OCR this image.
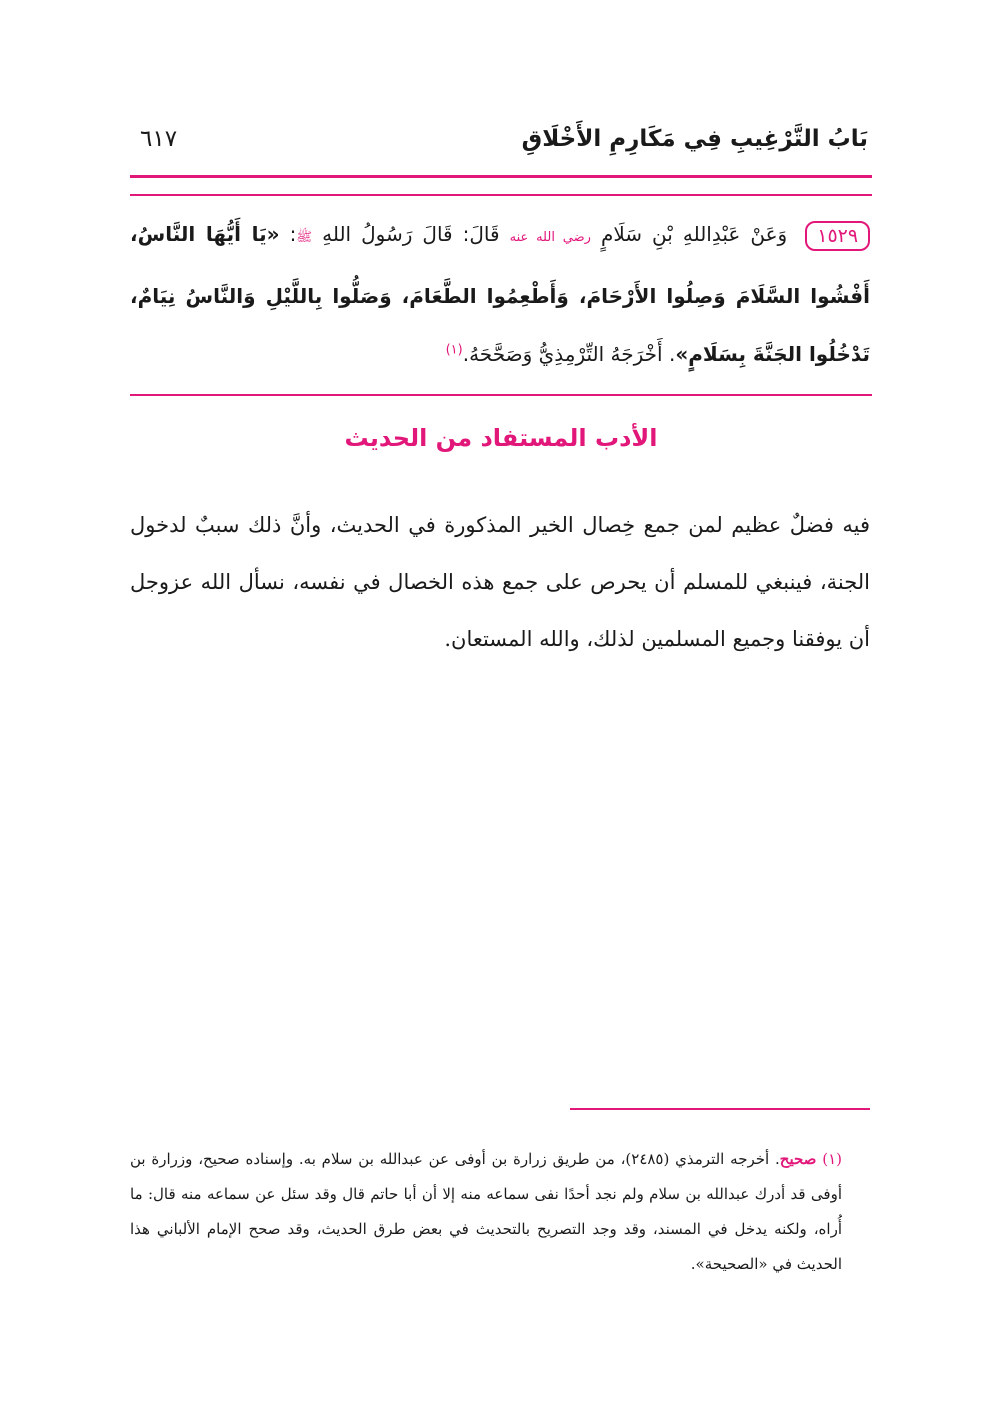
بَابُ التَّرْغِيبِ فِي مَكَارِمِ الأَخْلَاقِ
٦١٧
١٥٢٩ وَعَنْ عَبْدِاللهِ بْنِ سَلَامٍ رضي الله عنه قَالَ: قَالَ رَسُولُ اللهِ ﷺ: «يَا أَيُّهَا النَّاسُ، أَفْشُوا السَّلَامَ وَصِلُوا الأَرْحَامَ، وَأَطْعِمُوا الطَّعَامَ، وَصَلُّوا بِاللَّيْلِ وَالنَّاسُ نِيَامٌ، تَدْخُلُوا الجَنَّةَ بِسَلَامٍ». أَخْرَجَهُ التِّرْمِذِيُّ وَصَحَّحَهُ.$^{(١)}$
الأدب المستفاد من الحديث
فيه فضلٌ عظيم لمن جمع خِصال الخير المذكورة في الحديث، وأنَّ ذلك سببٌ لدخول الجنة، فينبغي للمسلم أن يحرص على جمع هذه الخصال في نفسه، نسأل الله عزوجل أن يوفقنا وجميع المسلمين لذلك، والله المستعان.
(١) صحيح. أخرجه الترمذي (٢٤٨٥)، من طريق زرارة بن أوفى عن عبدالله بن سلام به. وإسناده صحيح، وزرارة بن أوفى قد أدرك عبدالله بن سلام ولم نجد أحدًا نفى سماعه منه إلا أن أبا حاتم قال وقد سئل عن سماعه منه قال: ما أُراه، ولكنه يدخل في المسند، وقد وجد التصريح بالتحديث في بعض طرق الحديث، وقد صحح الإمام الألباني هذا الحديث في «الصحيحة».
